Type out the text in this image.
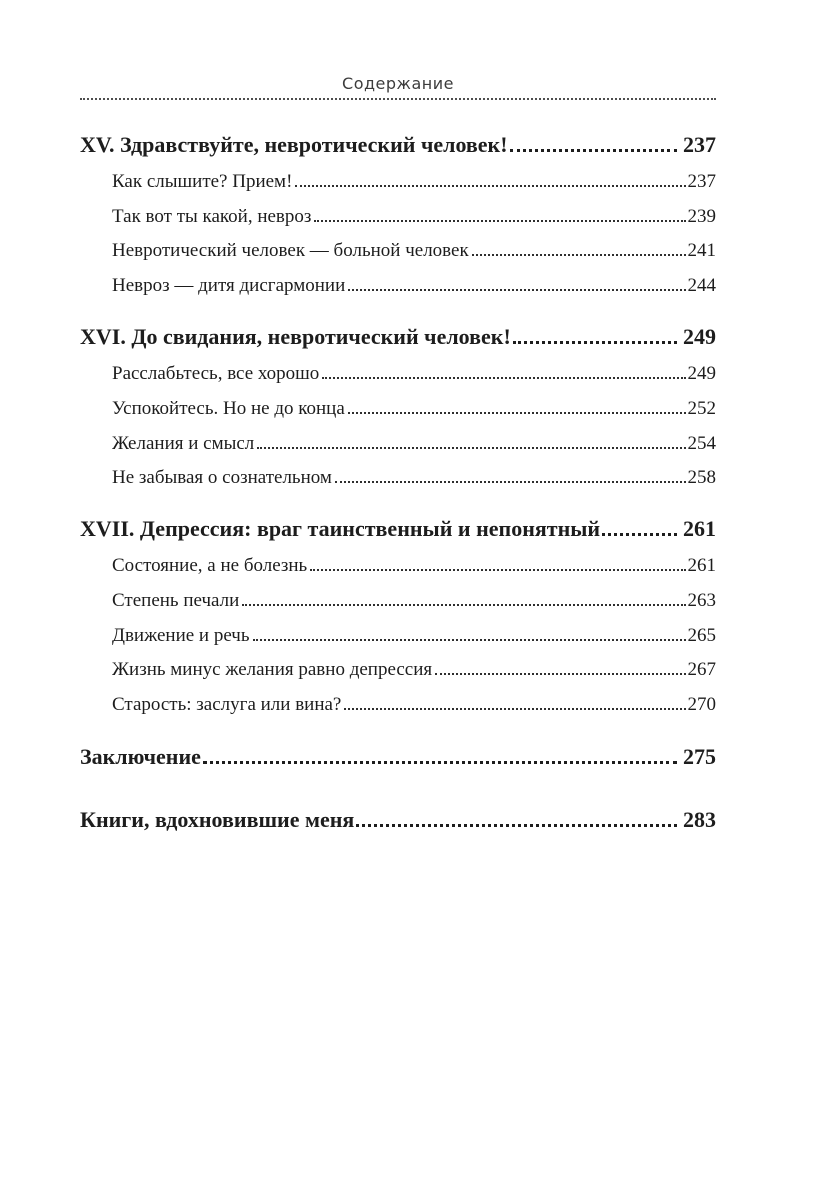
Содержание
XV. Здравствуйте, невротический человек!	237
Как слышите? Прием!	237
Так вот ты какой, невроз	239
Невротический человек — больной человек	241
Невроз — дитя дисгармонии	244
XVI. До свидания, невротический человек!	249
Расслабьтесь, все хорошо	249
Успокойтесь. Но не до конца	252
Желания и смысл	254
Не забывая о сознательном	258
XVII. Депрессия: враг таинственный и непонятный	261
Состояние, а не болезнь	261
Степень печали	263
Движение и речь	265
Жизнь минус желания равно депрессия	267
Старость: заслуга или вина?	270
Заключение	275
Книги, вдохновившие меня	283
